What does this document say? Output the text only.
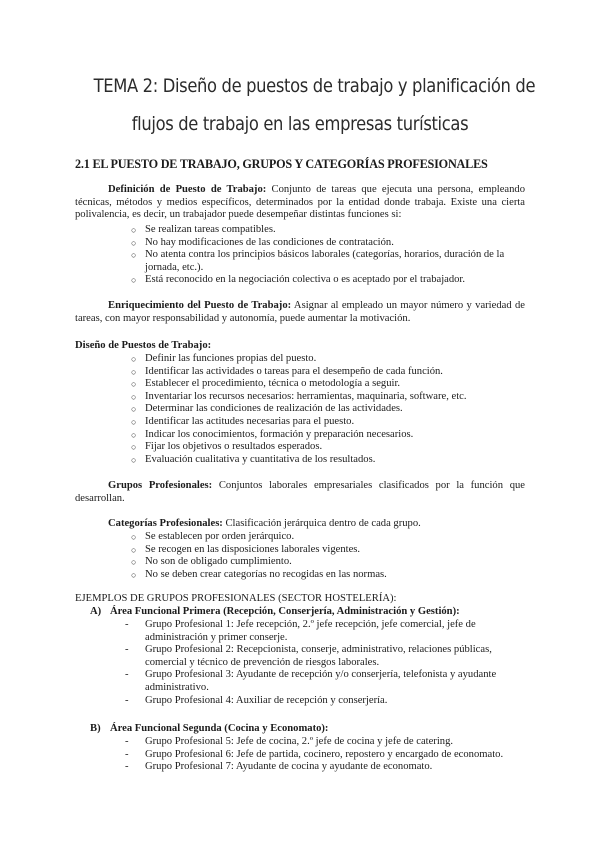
TEMA 2: Diseño de puestos de trabajo y planificación de
flujos de trabajo en las empresas turísticas
2.1 EL PUESTO DE TRABAJO, GRUPOS Y CATEGORÍAS PROFESIONALES
Definición de Puesto de Trabajo: Conjunto de tareas que ejecuta una persona, empleando técnicas, métodos y medios específicos, determinados por la entidad donde trabaja. Existe una cierta polivalencia, es decir, un trabajador puede desempeñar distintas funciones si:
○ Se realizan tareas compatibles.
○ No hay modificaciones de las condiciones de contratación.
○ No atenta contra los principios básicos laborales (categorías, horarios, duración de la jornada, etc.).
○ Está reconocido en la negociación colectiva o es aceptado por el trabajador.
Enriquecimiento del Puesto de Trabajo: Asignar al empleado un mayor número y variedad de tareas, con mayor responsabilidad y autonomía, puede aumentar la motivación.
Diseño de Puestos de Trabajo:
○ Definir las funciones propias del puesto.
○ Identificar las actividades o tareas para el desempeño de cada función.
○ Establecer el procedimiento, técnica o metodología a seguir.
○ Inventariar los recursos necesarios: herramientas, maquinaria, software, etc.
○ Determinar las condiciones de realización de las actividades.
○ Identificar las actitudes necesarias para el puesto.
○ Indicar los conocimientos, formación y preparación necesarios.
○ Fijar los objetivos o resultados esperados.
○ Evaluación cualitativa y cuantitativa de los resultados.
Grupos Profesionales: Conjuntos laborales empresariales clasificados por la función que desarrollan.
Categorías Profesionales: Clasificación jerárquica dentro de cada grupo.
○ Se establecen por orden jerárquico.
○ Se recogen en las disposiciones laborales vigentes.
○ No son de obligado cumplimiento.
○ No se deben crear categorías no recogidas en las normas.
EJEMPLOS DE GRUPOS PROFESIONALES (SECTOR HOSTELERÍA):
A) Área Funcional Primera (Recepción, Conserjería, Administración y Gestión):
- Grupo Profesional 1: Jefe recepción, 2.º jefe recepción, jefe comercial, jefe de administración y primer conserje.
- Grupo Profesional 2: Recepcionista, conserje, administrativo, relaciones públicas, comercial y técnico de prevención de riesgos laborales.
- Grupo Profesional 3: Ayudante de recepción y/o conserjería, telefonista y ayudante administrativo.
- Grupo Profesional 4: Auxiliar de recepción y conserjería.
B) Área Funcional Segunda (Cocina y Economato):
- Grupo Profesional 5: Jefe de cocina, 2.º jefe de cocina y jefe de catering.
- Grupo Profesional 6: Jefe de partida, cocinero, repostero y encargado de economato.
- Grupo Profesional 7: Ayudante de cocina y ayudante de economato.
